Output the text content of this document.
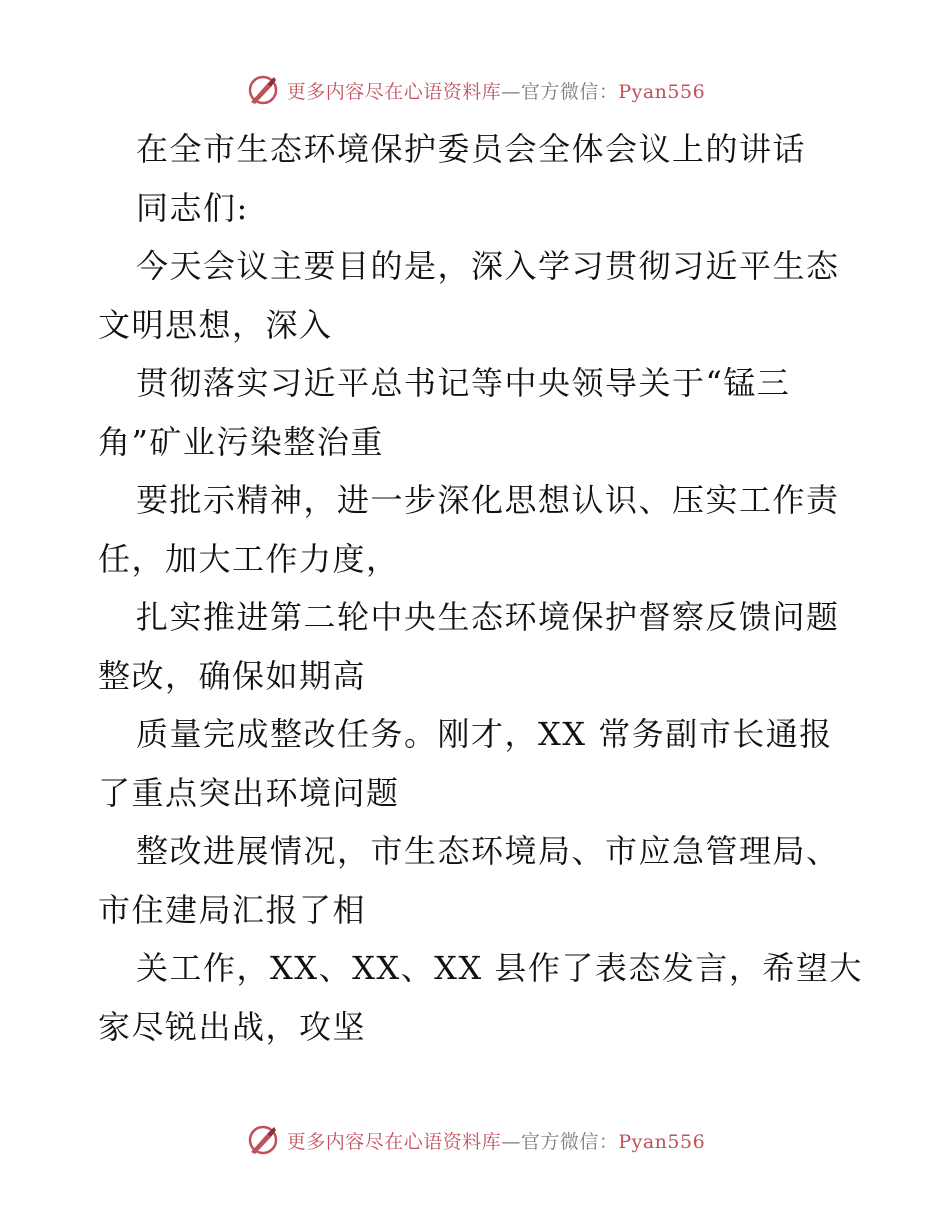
更多内容尽在心语资料库—官方微信：Pyan556
在全市生态环境保护委员会全体会议上的讲话
同志们:
今天会议主要目的是，深入学习贯彻习近平生态
文明思想，深入
贯彻落实习近平总书记等中央领导关于“锰三
角”矿业污染整治重
要批示精神，进一步深化思想认识、压实工作责
任，加大工作力度，
扎实推进第二轮中央生态环境保护督察反馈问题
整改，确保如期高
质量完成整改任务。刚才，XX 常务副市长通报
了重点突出环境问题
整改进展情况，市生态环境局、市应急管理局、
市住建局汇报了相
关工作，XX、XX、XX 县作了表态发言，希望大
家尽锐出战，攻坚
更多内容尽在心语资料库—官方微信：Pyan556
